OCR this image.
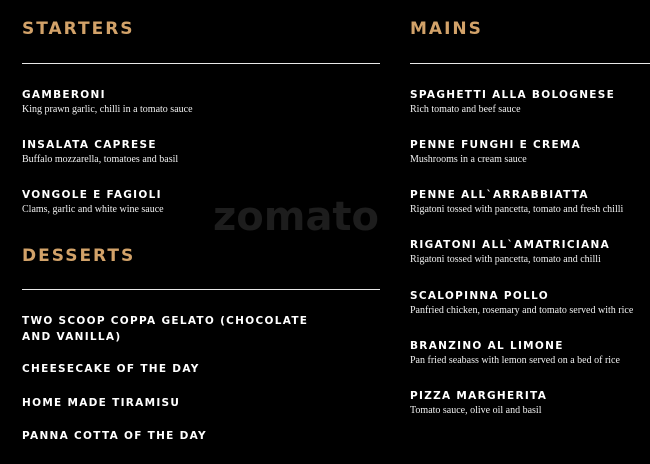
zomato
STARTERS
GAMBERONI
King prawn garlic, chilli in a tomato sauce
INSALATA CAPRESE
Buffalo mozzarella, tomatoes and basil
VONGOLE E FAGIOLI
Clams, garlic and white wine sauce
DESSERTS
TWO SCOOP COPPA GELATO (CHOCOLATE AND VANILLA)
CHEESECAKE OF THE DAY
HOME MADE TIRAMISU
PANNA COTTA OF THE DAY
MAINS
SPAGHETTI ALLA BOLOGNESE
Rich tomato and beef sauce
PENNE FUNGHI E CREMA
Mushrooms in a cream sauce
PENNE ALL`ARRABBIATTA
Rigatoni tossed with pancetta, tomato and fresh chilli
RIGATONI ALL`AMATRICIANA
Rigatoni tossed with pancetta, tomato and chilli
SCALOPINNA POLLO
Panfried chicken, rosemary and tomato served with rice
BRANZINO AL LIMONE
Pan fried seabass with lemon served on a bed of rice
PIZZA MARGHERITA
Tomato sauce, olive oil and basil
